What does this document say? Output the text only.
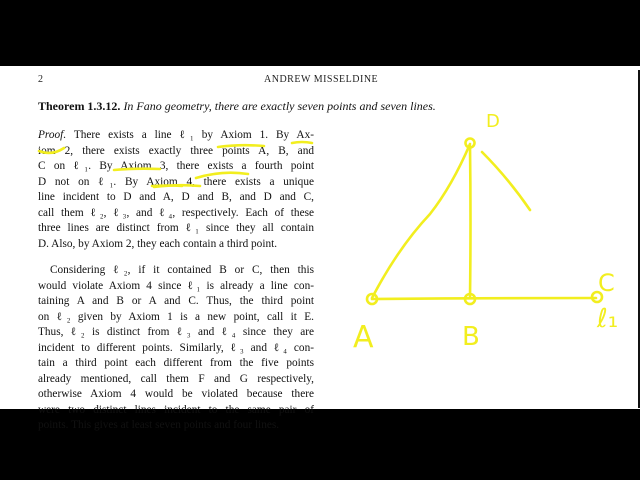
2	ANDREW MISSELDINE
Theorem 1.3.12. In Fano geometry, there are exactly seven points and seven lines.
Proof. There exists a line ℓ₁ by Axiom 1. By Ax-
iom 2, there exists exactly three points A, B, and
C on ℓ₁. By Axiom 3, there exists a fourth point
D not on ℓ₁. By Axiom 4, there exists a unique
line incident to D and A, D and B, and D and C,
call them ℓ₂, ℓ₃, and ℓ₄, respectively. Each of these
three lines are distinct from ℓ₁ since they all contain
D. Also, by Axiom 2, they each contain a third point.
Considering ℓ₂, if it contained B or C, then this
would violate Axiom 4 since ℓ₁ is already a line con-
taining A and B or A and C. Thus, the third point
on ℓ₂ given by Axiom 1 is a new point, call it E.
Thus, ℓ₂ is distinct from ℓ₃ and ℓ₄ since they are
incident to different points. Similarly, ℓ₃ and ℓ₄ con-
tain a third point each different from the five points
already mentioned, call them F and G respectively,
otherwise Axiom 4 would be violated because there
were two distinct lines incident to the same pair of
points. This gives at least seven points and four lines.
D
A	B
C
ℓ₁
